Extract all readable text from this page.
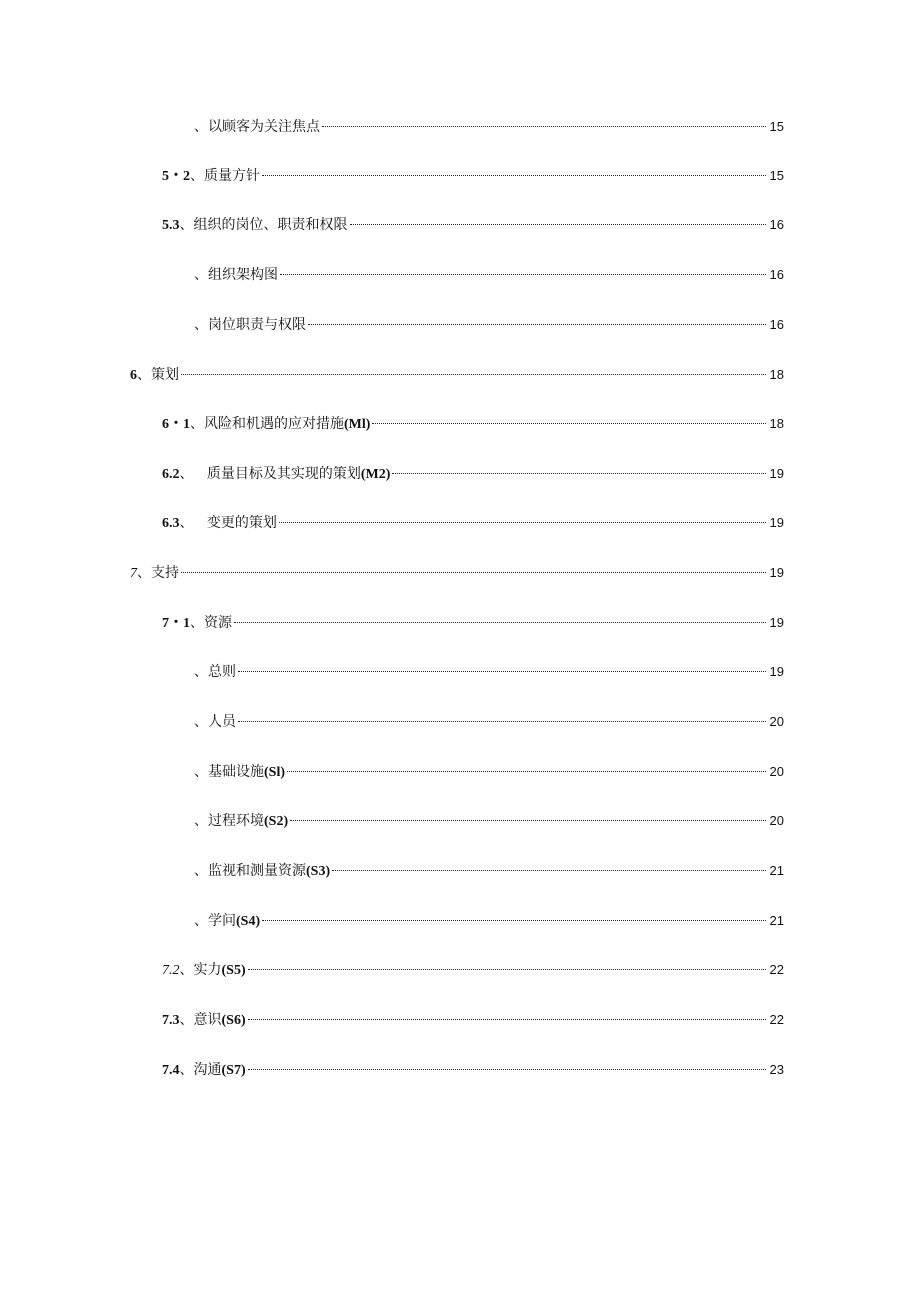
、以顾客为关注焦点	15
5・2、质量方针	15
5.3、组织的岗位、职责和权限	16
、组织架构图	16
、岗位职责与权限	16
6、策划	18
6・1、风险和机遇的应对措施(Ml)	18
6.2、   质量目标及其实现的策划(M2)	19
6.3、   变更的策划	19
7、支持	19
7・1、资源	19
、总则	19
、人员	20
、基础设施(Sl)	20
、过程环境(S2)	20
、监视和测量资源(S3)	21
、学问(S4)	21
7.2、实力(S5)	22
7.3、意识(S6)	22
7.4、沟通(S7)	23
